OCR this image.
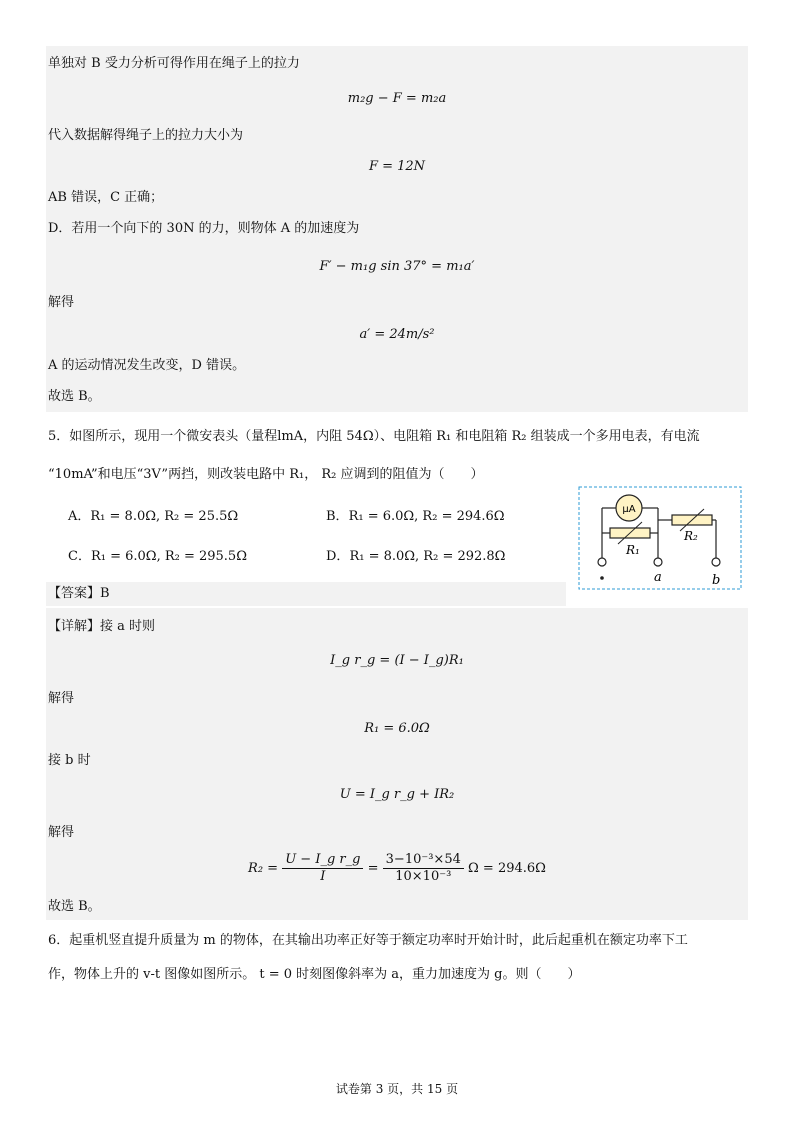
单独对 B 受力分析可得作用在绳子上的拉力
m₂g − F = m₂a
代入数据解得绳子上的拉力大小为
F = 12N
AB 错误，C 正确；
D．若用一个向下的 30N 的力，则物体 A 的加速度为
F′ − m₁g sin 37° = m₁a′
解得
a′ = 24m/s²
A 的运动情况发生改变，D 错误。
故选 B。
5．如图所示，现用一个微安表头（量程lmA，内阻 54Ω）、电阻箱 R₁ 和电阻箱 R₂ 组装成一个多用电表，有电流
“10mA”和电压“3V”两挡，则改装电路中 R₁， R₂ 应调到的阻值为（　　）
A．R₁ = 8.0Ω, R₂ = 25.5Ω	B．R₁ = 6.0Ω, R₂ = 294.6Ω
C．R₁ = 6.0Ω, R₂ = 295.5Ω	D．R₁ = 8.0Ω, R₂ = 292.8Ω
μA
R₁
R₂
a	b
【答案】B
【详解】接 a 时则
I_g r_g = (I − I_g)R₁
解得
R₁ = 6.0Ω
接 b 时
U = I_g r_g + IR₂
解得
$R_2 = \frac{\text{U − I\_g r\_g}}{I} = \frac{\text{3−10⁻³×54}}{\text{10×10⁻³}}$ Ω = 294.6Ω
故选 B。
6．起重机竖直提升质量为 m 的物体，在其输出功率正好等于额定功率时开始计时，此后起重机在额定功率下工
作，物体上升的 v-t 图像如图所示。 t = 0 时刻图像斜率为 a，重力加速度为 g。则（　　）
试卷第 3 页，共 15 页
